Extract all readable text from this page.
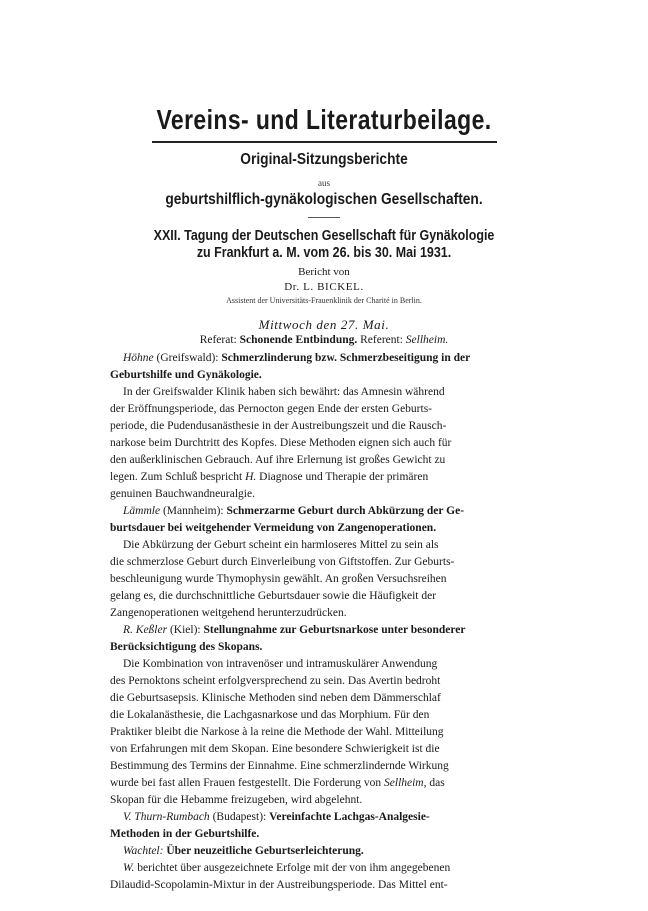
Vereins- und Literaturbeilage.
Original-Sitzungsberichte
aus
geburtshilflich-gynäkologischen Gesellschaften.
XXII. Tagung der Deutschen Gesellschaft für Gynäkologie
zu Frankfurt a. M. vom 26. bis 30. Mai 1931.
Bericht von
Dr. L. BICKEL.
Assistent der Universitäts-Frauenklinik der Charité in Berlin.
Mittwoch den 27. Mai.
Referat: Schonende Entbindung. Referent: Sellheim.
Höhne (Greifswald): Schmerzlinderung bzw. Schmerzbeseitigung in der
Geburtshilfe und Gynäkologie.
In der Greifswalder Klinik haben sich bewährt: das Amnesin während
der Eröffnungsperiode, das Pernocton gegen Ende der ersten Geburts-
periode, die Pudendusanästhesie in der Austreibungszeit und die Rausch-
narkose beim Durchtritt des Kopfes. Diese Methoden eignen sich auch für
den außerklinischen Gebrauch. Auf ihre Erlernung ist großes Gewicht zu
legen. Zum Schluß bespricht H. Diagnose und Therapie der primären
genuinen Bauchwandneuralgie.
Lämmle (Mannheim): Schmerzarme Geburt durch Abkürzung der Ge-
burtsdauer bei weitgehender Vermeidung von Zangenoperationen.
Die Abkürzung der Geburt scheint ein harmloseres Mittel zu sein als
die schmerzlose Geburt durch Einverleibung von Giftstoffen. Zur Geburts-
beschleunigung wurde Thymophysin gewählt. An großen Versuchsreihen
gelang es, die durchschnittliche Geburtsdauer sowie die Häufigkeit der
Zangenoperationen weitgehend herunterzudrücken.
R. Keßler (Kiel): Stellungnahme zur Geburtsnarkose unter besonderer
Berücksichtigung des Skopans.
Die Kombination von intravenöser und intramuskulärer Anwendung
des Pernoktons scheint erfolgversprechend zu sein. Das Avertin bedroht
die Geburtsasepsis. Klinische Methoden sind neben dem Dämmerschlaf
die Lokalanästhesie, die Lachgasnarkose und das Morphium. Für den
Praktiker bleibt die Narkose à la reine die Methode der Wahl. Mitteilung
von Erfahrungen mit dem Skopan. Eine besondere Schwierigkeit ist die
Bestimmung des Termins der Einnahme. Eine schmerzlindernde Wirkung
wurde bei fast allen Frauen festgestellt. Die Forderung von Sellheim, das
Skopan für die Hebamme freizugeben, wird abgelehnt.
V. Thurn-Rumbach (Budapest): Vereinfachte Lachgas-Analgesie-
Methoden in der Geburtshilfe.
Wachtel: Über neuzeitliche Geburtserleichterung.
W. berichtet über ausgezeichnete Erfolge mit der von ihm angegebenen
Dilaudid-Scopolamin-Mixtur in der Austreibungsperiode. Das Mittel ent-
